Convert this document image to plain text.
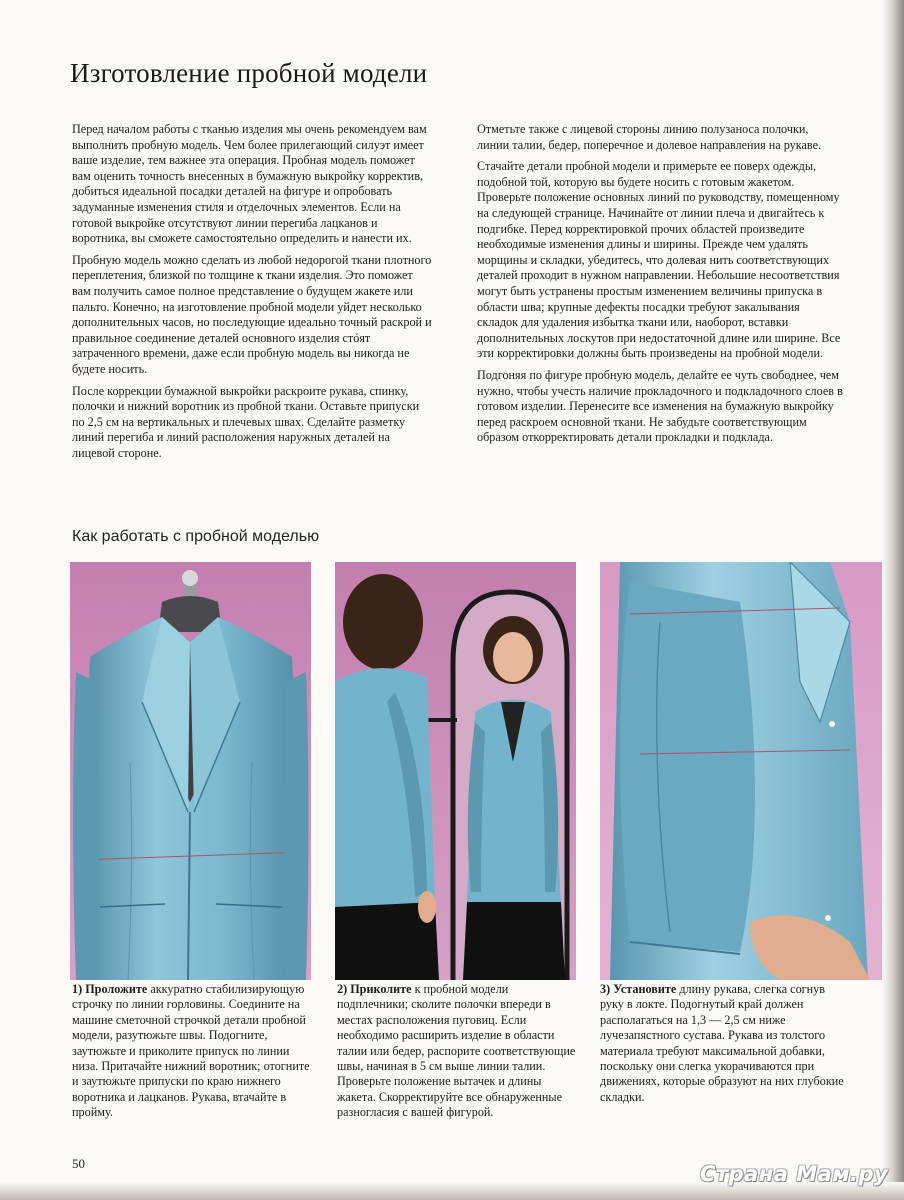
Изготовление пробной модели

Перед началом работы с тканью изделия мы очень рекомендуем вам выполнить пробную модель. Чем более прилегающий силуэт имеет ваше изделие, тем важнее эта операция. Пробная модель поможет вам оценить точность внесенных в бумажную выкройку корректив, добиться идеальной посадки деталей на фигуре и опробовать задуманные изменения стиля и отделочных элементов. Если на готовой выкройке отсутствуют линии перегиба лацканов и воротника, вы сможете самостоятельно определить и нанести их.

Пробную модель можно сделать из любой недорогой ткани плотного переплетения, близкой по толщине к ткани изделия. Это поможет вам получить самое полное представление о будущем жакете или пальто. Конечно, на изготовление пробной модели уйдет несколько дополнительных часов, но последующие идеально точный раскрой и правильное соединение деталей основного изделия стóят затраченного времени, даже если пробную модель вы никогда не будете носить.

После коррекции бумажной выкройки раскроите рукава, спинку, полочки и нижний воротник из пробной ткани. Оставьте припуски по 2,5 см на вертикальных и плечевых швах. Сделайте разметку линий перегиба и линий расположения наружных деталей на лицевой стороне.

Отметьте также с лицевой стороны линию полузаноса полочки, линии талии, бедер, поперечное и долевое направления на рукаве.

Стачайте детали пробной модели и примерьте ее поверх одежды, подобной той, которую вы будете носить с готовым жакетом. Проверьте положение основных линий по руководству, помещенному на следующей странице. Начинайте от линии плеча и двигайтесь к подгибке. Перед корректировкой прочих областей произведите необходимые изменения длины и ширины. Прежде чем удалять морщины и складки, убедитесь, что долевая нить соответствующих деталей проходит в нужном направлении. Небольшие несоответствия могут быть устранены простым изменением величины припуска в области шва; крупные дефекты посадки требуют закалывания складок для удаления избытка ткани или, наоборот, вставки дополнительных лоскутов при недостаточной длине или ширине. Все эти корректировки должны быть произведены на пробной модели.

Подгоняя по фигуре пробную модель, делайте ее чуть свободнее, чем нужно, чтобы учесть наличие прокладочного и подкладочного слоев в готовом изделии. Перенесите все изменения на бумажную выкройку перед раскроем основной ткани. Не забудьте соответствующим образом откорректировать детали прокладки и подклада.

Как работать с пробной моделью
1) Проложите аккуратно стабилизирующую строчку по линии горловины. Соедините на машине сметочной строчкой детали пробной модели, разутюжьте швы. Подогните, заутюжьте и приколите припуск по линии низа. Притачайте нижний воротник; отогните и заутюжьте припуски по краю нижнего воротника и лацканов. Рукава, втачайте в пройму.
2) Приколите к пробной модели подплечники; сколите полочки впереди в местах расположения пуговиц. Если необходимо расширить изделие в области талии или бедер, распорите соответствующие швы, начиная в 5 см выше линии талии. Проверьте положение вытачек и длины жакета. Скорректируйте все обнаруженные разногласия с вашей фигурой.
3) Установите длину рукава, слегка согнув руку в локте. Подогнутый край должен располагаться на 1,3 — 2,5 см ниже лучезапястного сустава. Рукава из толстого материала требуют максимальной добавки, поскольку они слегка укорачиваются при движениях, которые образуют на них глубокие складки.
50	Страна Мам.ру
